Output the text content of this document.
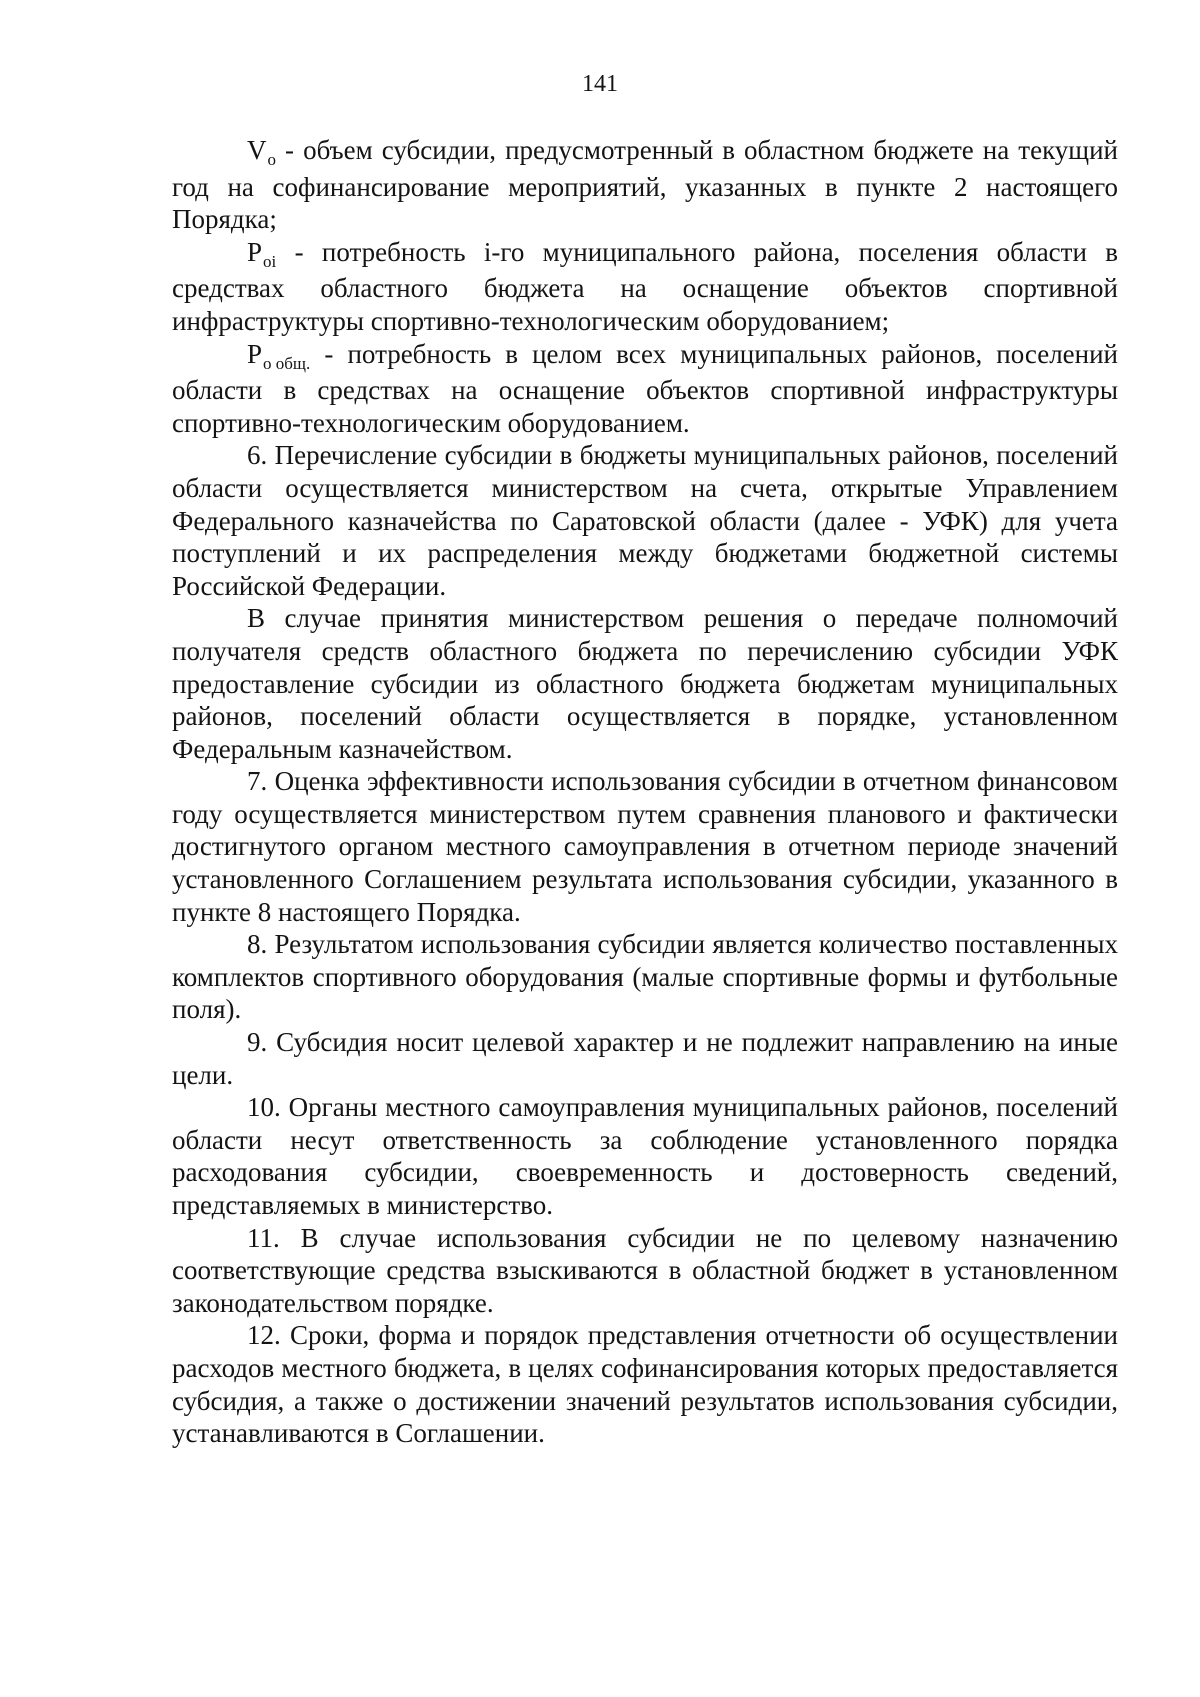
141

$V_o$ - объем субсидии, предусмотренный в областном бюджете на текущий год на софинансирование мероприятий, указанных в пункте 2 настоящего Порядка;

$P_{oi}$ - потребность i-го муниципального района, поселения области в средствах областного бюджета на оснащение объектов спортивной инфраструктуры спортивно-технологическим оборудованием;

$P_{o общ.}$ - потребность в целом всех муниципальных районов, поселений области в средствах на оснащение объектов спортивной инфраструктуры спортивно-технологическим оборудованием.

6. Перечисление субсидии в бюджеты муниципальных районов, поселений области осуществляется министерством на счета, открытые Управлением Федерального казначейства по Саратовской области (далее - УФК) для учета поступлений и их распределения между бюджетами бюджетной системы Российской Федерации.

В случае принятия министерством решения о передаче полномочий получателя средств областного бюджета по перечислению субсидии УФК предоставление субсидии из областного бюджета бюджетам муниципальных районов, поселений области осуществляется в порядке, установленном Федеральным казначейством.

7. Оценка эффективности использования субсидии в отчетном финансовом году осуществляется министерством путем сравнения планового и фактически достигнутого органом местного самоуправления в отчетном периоде значений установленного Соглашением результата использования субсидии, указанного в пункте 8 настоящего Порядка.

8. Результатом использования субсидии является количество поставленных комплектов спортивного оборудования (малые спортивные формы и футбольные поля).

9. Субсидия носит целевой характер и не подлежит направлению на иные цели.

10. Органы местного самоуправления муниципальных районов, поселений области несут ответственность за соблюдение установленного порядка расходования субсидии, своевременность и достоверность сведений, представляемых в министерство.

11. В случае использования субсидии не по целевому назначению соответствующие средства взыскиваются в областной бюджет в установленном законодательством порядке.

12. Сроки, форма и порядок представления отчетности об осуществлении расходов местного бюджета, в целях софинансирования которых предоставляется субсидия, а также о достижении значений результатов использования субсидии, устанавливаются в Соглашении.
